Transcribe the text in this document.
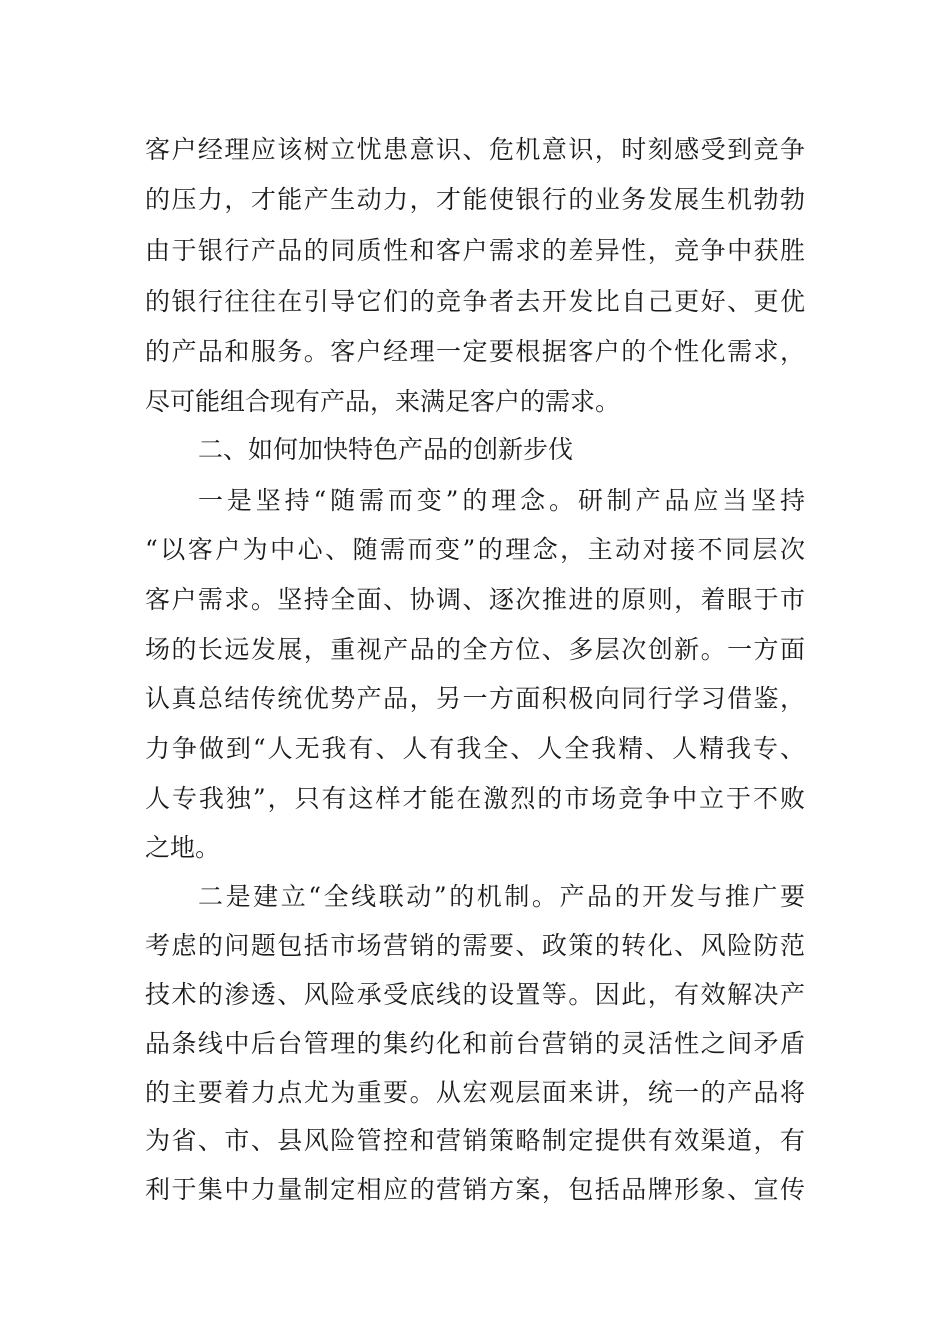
客户经理应该树立忧患意识、危机意识，时刻感受到竞争
的压力，才能产生动力，才能使银行的业务发展生机勃勃
由于银行产品的同质性和客户需求的差异性，竞争中获胜
的银行往往在引导它们的竞争者去开发比自己更好、更优
的产品和服务。客户经理一定要根据客户的个性化需求，
尽可能组合现有产品，来满足客户的需求。
二、如何加快特色产品的创新步伐
一是坚持“随需而变”的理念。研制产品应当坚持
“以客户为中心、随需而变”的理念，主动对接不同层次
客户需求。坚持全面、协调、逐次推进的原则，着眼于市
场的长远发展，重视产品的全方位、多层次创新。一方面
认真总结传统优势产品，另一方面积极向同行学习借鉴，
力争做到“人无我有、人有我全、人全我精、人精我专、
人专我独”，只有这样才能在激烈的市场竞争中立于不败
之地。
二是建立“全线联动”的机制。产品的开发与推广要
考虑的问题包括市场营销的需要、政策的转化、风险防范
技术的渗透、风险承受底线的设置等。因此，有效解决产
品条线中后台管理的集约化和前台营销的灵活性之间矛盾
的主要着力点尤为重要。从宏观层面来讲，统一的产品将
为省、市、县风险管控和营销策略制定提供有效渠道，有
利于集中力量制定相应的营销方案，包括品牌形象、宣传
